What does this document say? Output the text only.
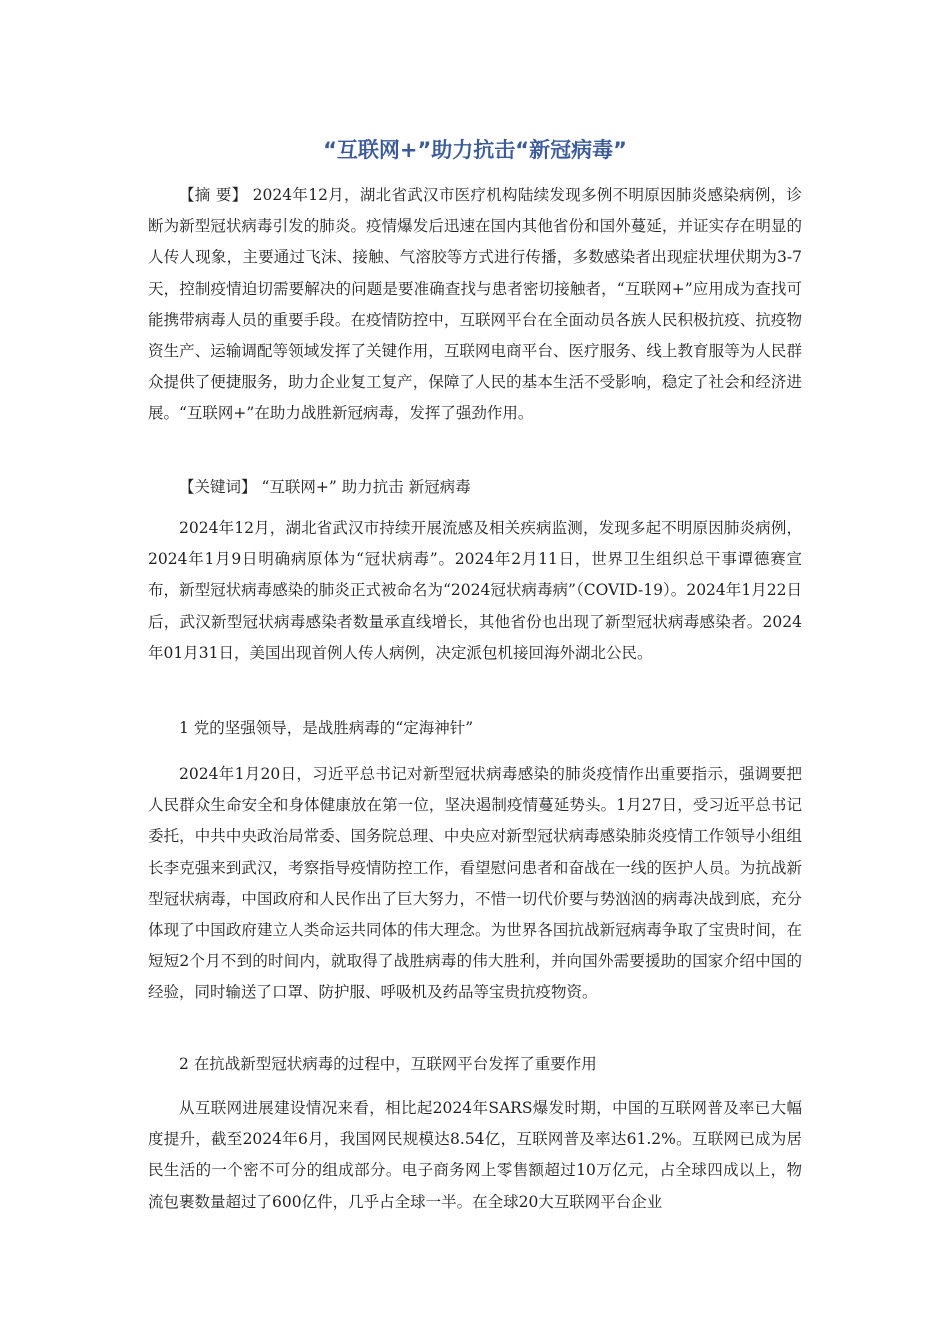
“互联网+”助力抗击“新冠病毒”

【摘 要】 2024年12月，湖北省武汉市医疗机构陆续发现多例不明原因肺炎感染病例，诊断为新型冠状病毒引发的肺炎。疫情爆发后迅速在国内其他省份和国外蔓延，并证实存在明显的人传人现象，主要通过飞沫、接触、气溶胶等方式进行传播，多数感染者出现症状埋伏期为3-7天，控制疫情迫切需要解决的问题是要准确查找与患者密切接触者，“互联网+”应用成为查找可能携带病毒人员的重要手段。在疫情防控中，互联网平台在全面动员各族人民积极抗疫、抗疫物资生产、运输调配等领域发挥了关键作用，互联网电商平台、医疗服务、线上教育服等为人民群众提供了便捷服务，助力企业复工复产，保障了人民的基本生活不受影响，稳定了社会和经济进展。“互联网+”在助力战胜新冠病毒，发挥了强劲作用。

【关键词】 “互联网+” 助力抗击 新冠病毒

2024年12月，湖北省武汉市持续开展流感及相关疾病监测，发现多起不明原因肺炎病例，2024年1月9日明确病原体为“冠状病毒”。2024年2月11日，世界卫生组织总干事谭德赛宣布，新型冠状病毒感染的肺炎正式被命名为“2024冠状病毒病”（COVID-19）。2024年1月22日后，武汉新型冠状病毒感染者数量承直线增长，其他省份也出现了新型冠状病毒感染者。2024年01月31日，美国出现首例人传人病例，决定派包机接回海外湖北公民。

1 党的坚强领导，是战胜病毒的“定海神针”

2024年1月20日，习近平总书记对新型冠状病毒感染的肺炎疫情作出重要指示，强调要把人民群众生命安全和身体健康放在第一位，坚决遏制疫情蔓延势头。1月27日，受习近平总书记委托，中共中央政治局常委、国务院总理、中央应对新型冠状病毒感染肺炎疫情工作领导小组组长李克强来到武汉，考察指导疫情防控工作，看望慰问患者和奋战在一线的医护人员。为抗战新型冠状病毒，中国政府和人民作出了巨大努力，不惜一切代价要与势汹汹的病毒决战到底，充分体现了中国政府建立人类命运共同体的伟大理念。为世界各国抗战新冠病毒争取了宝贵时间，在短短2个月不到的时间内，就取得了战胜病毒的伟大胜利，并向国外需要援助的国家介绍中国的经验，同时输送了口罩、防护服、呼吸机及药品等宝贵抗疫物资。

2 在抗战新型冠状病毒的过程中，互联网平台发挥了重要作用

从互联网进展建设情况来看，相比起2024年SARS爆发时期，中国的互联网普及率已大幅度提升，截至2024年6月，我国网民规模达8.54亿，互联网普及率达61.2%。互联网已成为居民生活的一个密不可分的组成部分。电子商务网上零售额超过10万亿元，占全球四成以上，物流包裹数量超过了600亿件，几乎占全球一半。在全球20大互联网平台企业
